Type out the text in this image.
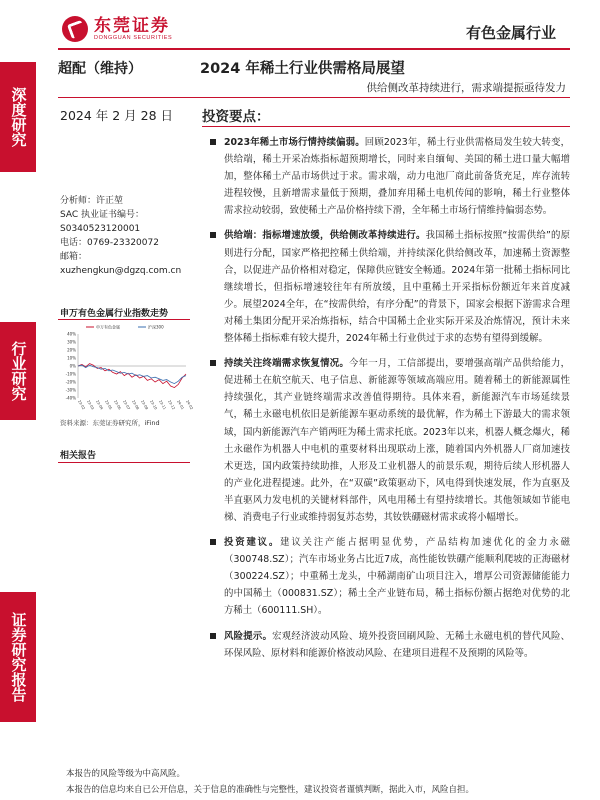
东莞证券
DONGGUAN SECURITIES	有色金属行业
深度研究
行业研究
证券研究报告
超配（维持）	2024 年稀土行业供需格局展望
供给侧改革持续进行，需求端提振亟待发力
2024 年 2 月 28 日 投资要点：
分析师：许正堃
SAC 执业证书编号：
S0340523120001
电话：0769-23320072
邮箱：
xuzhengkun@dgzq.com.cn
申万有色金属行业指数走势
40%
30%
20%
10%
0%
-10%
-20%
-30%
-40%
23-02 23-03 23-04 23-05 23-06 23-07 23-08 23-09 23-10 23-11 23-12 24-01 24-02
申万有色金属	沪深300
资料来源：东莞证券研究所，iFind
相关报告
2023年稀土市场行情持续偏弱。回顾2023年，稀土行业供需格局发生较大转变，供给端，稀土开采冶炼指标超预期增长，同时来自缅甸、美国的稀土进口量大幅增加，整体稀土产品市场供过于求。需求端，动力电池厂商此前备货充足，库存流转进程较慢，且新增需求量低于预期，叠加弃用稀土电机传闻的影响，稀土行业整体需求拉动较弱，致使稀土产品价格持续下滑，全年稀土市场行情维持偏弱态势。
供给端：指标增速放缓，供给侧改革持续进行。我国稀土指标按照“按需供给”的原则进行分配，国家严格把控稀土供给端，并持续深化供给侧改革，加速稀土资源整合，以促进产品价格相对稳定，保障供应链安全畅通。2024年第一批稀土指标同比继续增长，但指标增速较往年有所放缓，且中重稀土开采指标份额近年来首度减少。展望2024全年，在“按需供给，有序分配”的背景下，国家会根据下游需求合理对稀土集团分配开采冶炼指标，结合中国稀土企业实际开采及冶炼情况，预计未来整体稀土指标难有较大提升，2024年稀土行业供过于求的态势有望得到缓解。
持续关注终端需求恢复情况。今年一月，工信部提出，要增强高端产品供给能力，促进稀土在航空航天、电子信息、新能源等领域高端应用。随着稀土的新能源属性持续强化，其产业链终端需求改善值得期待。具体来看，新能源汽车市场延续景气，稀土永磁电机依旧是新能源车驱动系统的最优解，作为稀土下游最大的需求领域，国内新能源汽车产销两旺为稀土需求托底。2023年以来，机器人概念爆火，稀土永磁作为机器人中电机的重要材料出现联动上涨，随着国内外机器人厂商加速技术更迭，国内政策持续助推，人形及工业机器人的前景乐观，期待后续人形机器人的产业化进程提速。此外，在“双碳”政策驱动下，风电得到快速发展，作为直驱及半直驱风力发电机的关键材料部件，风电用稀土有望持续增长。其他领域如节能电梯、消费电子行业或维持弱复苏态势，其钕铁硼磁材需求或将小幅增长。
投资建议。建议关注产能占据明显优势，产品结构加速优化的金力永磁（300748.SZ）；汽车市场业务占比近7成，高性能钕铁硼产能顺利爬坡的正海磁材（300224.SZ）；中重稀土龙头，中稀湖南矿山项目注入，增厚公司资源储能能力的中国稀土（000831.SZ）；稀土全产业链布局，稀土指标份额占据绝对优势的北方稀土（600111.SH）。
风险提示。宏观经济波动风险、境外投资回刷风险、无稀土永磁电机的替代风险、环保风险、原材料和能源价格波动风险、在建项目进程不及预期的风险等。
本报告的风险等级为中高风险。
本报告的信息均来自已公开信息，关于信息的准确性与完整性，建议投资者谨慎判断，据此入市，风险自担。
